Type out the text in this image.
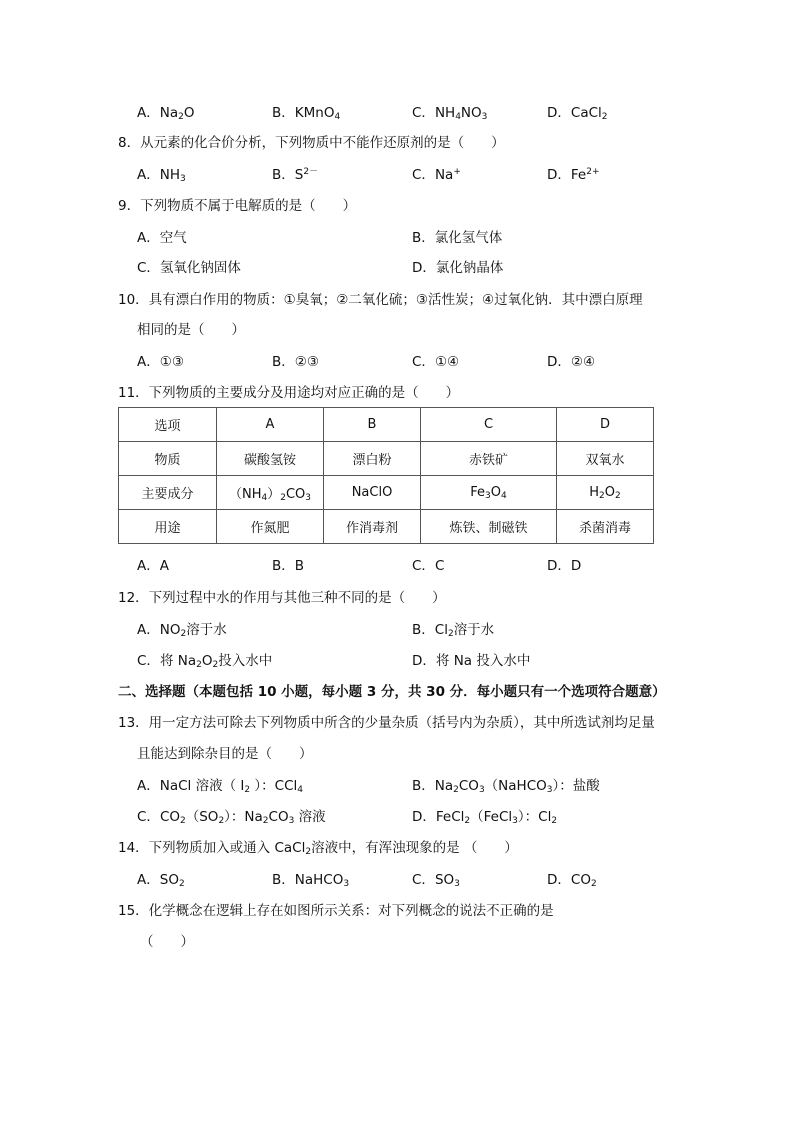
A．$Na_2O$	B．KMnO$_4$	C．$NH_4NO_3$	D．CaCl$_2$
8．从元素的化合价分析，下列物质中不能作还原剂的是（　　）
A．$NH_3$	B．$S^{2-}$	C．Na+	D．$Fe^{2+}$
9．下列物质不属于电解质的是（　　）
A．空气	B．氯化氢气体
C．氢氧化钠固体	D．氯化钠晶体
10．具有漂白作用的物质：①臭氧；②二氧化硫；③活性炭；④过氧化钠．其中漂白原理
相同的是（　　）
A．①③	B．②③	C．①④	D．②④
11．下列物质的主要成分及用途均对应正确的是（　　）
选项	A	B	C	D
物质	碳酸氢铵	漂白粉	赤铁矿	双氧水
主要成分	$(NH_4)_2CO_3$	NaClO	$Fe_3O_4$	$H_2O_2$
用途	作氮肥	作消毒剂	炼铁、制磁铁	杀菌消毒
A．A	B．B	C．C	D．D
12．下列过程中水的作用与其他三种不同的是（　　）
A．$NO_2$溶于水	B．$Cl_2$溶于水
C．将 $Na_2O_2$投入水中	D．将 Na 投入水中
二、选择题（本题包括 10 小题，每小题 3 分，共 30 分．每小题只有一个选项符合题意）
13．用一定方法可除去下列物质中所含的少量杂质（括号内为杂质），其中所选试剂均足量
且能达到除杂目的是（　　）
A．NaCl 溶液（ $I_2$ ）：CCl$_4$	B．$Na_2CO_3(NaHCO_3)$：盐酸
C．$CO_2(SO_2)$：$Na_2CO_3$ 溶液	D．FeCl$_2$（FeCl$_3$）：$Cl_2$
14．下列物质加入或通入 CaCl$_2$溶液中，有浑浊现象的是 （　　）
A．$SO_2$	B．NaHCO$_3$	C．$SO_3$	D．$CO_2$
15．化学概念在逻辑上存在如图所示关系：对下列概念的说法不正确的是
（　　）
